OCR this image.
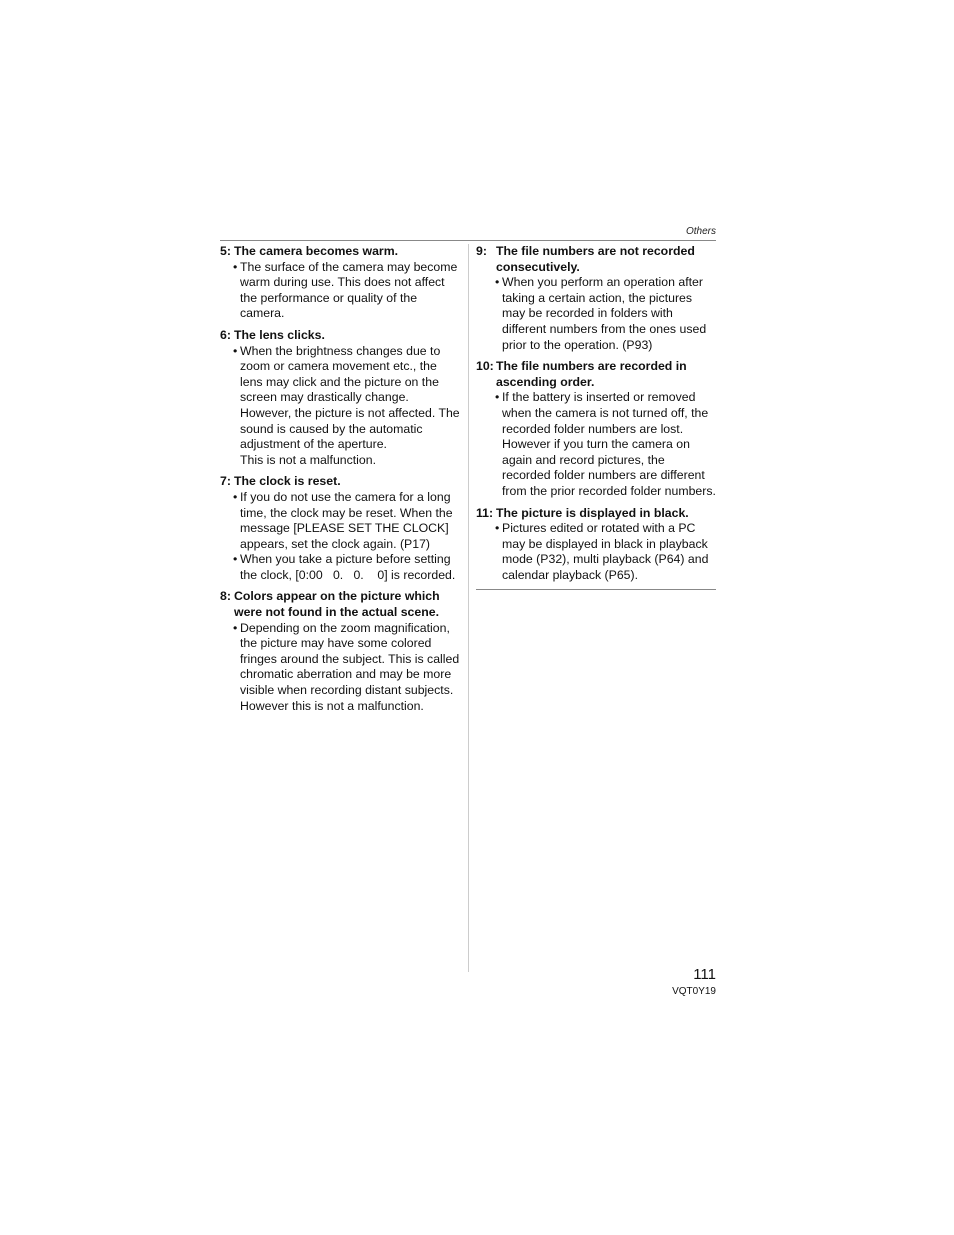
Others
5: The camera becomes warm.
• The surface of the camera may become warm during use. This does not affect the performance or quality of the camera.
6: The lens clicks.
• When the brightness changes due to zoom or camera movement etc., the lens may click and the picture on the screen may drastically change. However, the picture is not affected. The sound is caused by the automatic adjustment of the aperture.
This is not a malfunction.
7: The clock is reset.
• If you do not use the camera for a long time, the clock may be reset. When the message [PLEASE SET THE CLOCK] appears, set the clock again. (P17)
• When you take a picture before setting the clock, [0:00   0.   0.    0] is recorded.
8: Colors appear on the picture which were not found in the actual scene.
• Depending on the zoom magnification, the picture may have some colored fringes around the subject. This is called chromatic aberration and may be more visible when recording distant subjects. However this is not a malfunction.
9: The file numbers are not recorded consecutively.
• When you perform an operation after taking a certain action, the pictures may be recorded in folders with different numbers from the ones used prior to the operation. (P93)
10: The file numbers are recorded in ascending order.
• If the battery is inserted or removed when the camera is not turned off, the recorded folder numbers are lost. However if you turn the camera on again and record pictures, the recorded folder numbers are different from the prior recorded folder numbers.
11: The picture is displayed in black.
• Pictures edited or rotated with a PC may be displayed in black in playback mode (P32), multi playback (P64) and calendar playback (P65).
111
VQT0Y19
